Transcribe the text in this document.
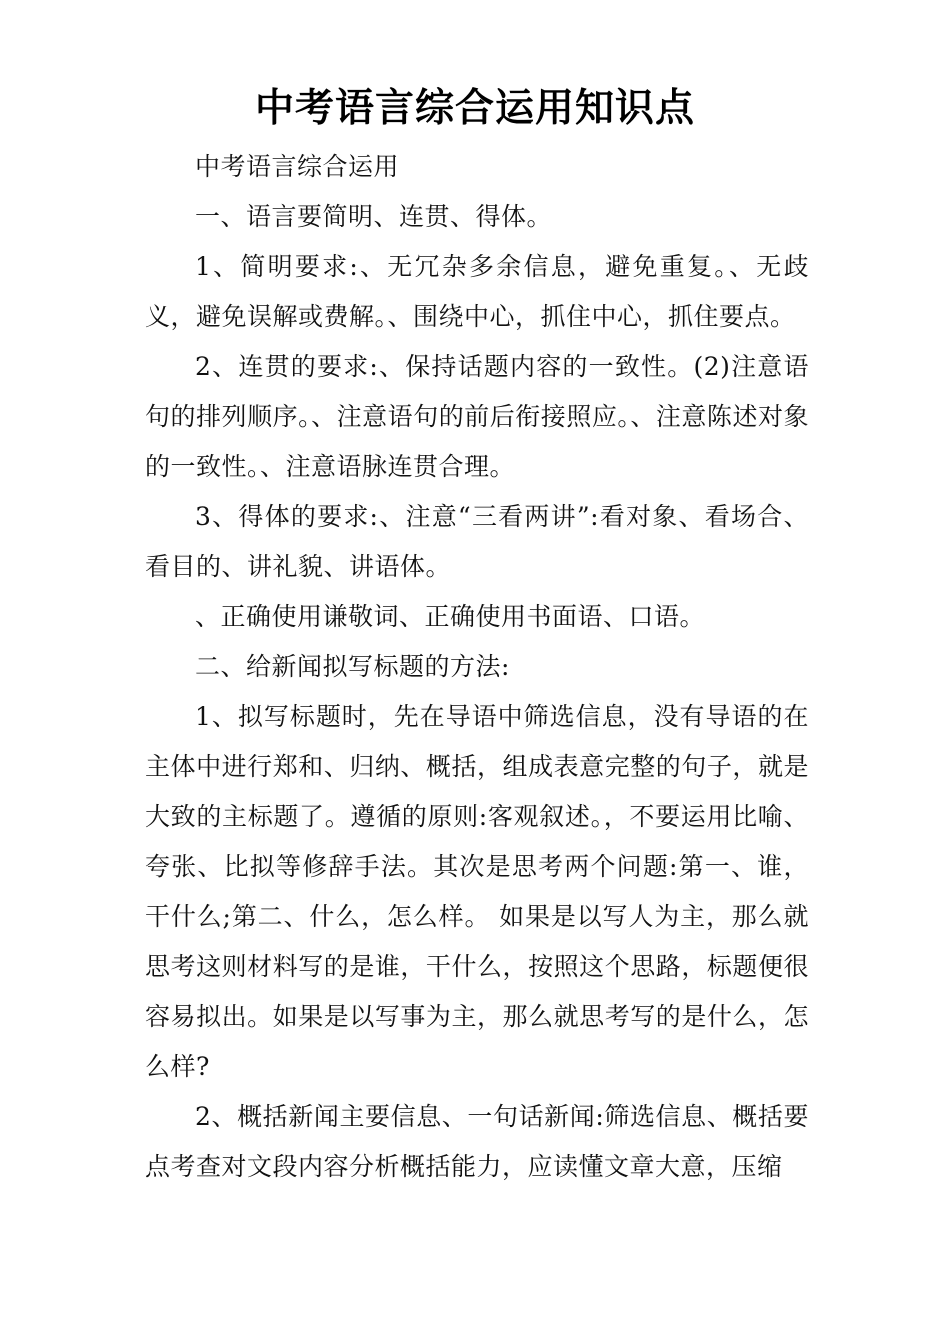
中考语言综合运用知识点

中考语言综合运用

一、语言要简明、连贯、得体。

1、简明要求:、无冗杂多余信息，避免重复。、无歧义，避免误解或费解。、围绕中心，抓住中心，抓住要点。

2、连贯的要求:、保持话题内容的一致性。(2)注意语句的排列顺序。、注意语句的前后衔接照应。、注意陈述对象的一致性。、注意语脉连贯合理。

3、得体的要求:、注意“三看两讲”:看对象、看场合、看目的、讲礼貌、讲语体。

、正确使用谦敬词、正确使用书面语、口语。

二、给新闻拟写标题的方法:

1、拟写标题时，先在导语中筛选信息，没有导语的在主体中进行郑和、归纳、概括，组成表意完整的句子，就是大致的主标题了。遵循的原则:客观叙述。，不要运用比喻、夸张、比拟等修辞手法。其次是思考两个问题:第一、谁，干什么;第二、什么，怎么样。 如果是以写人为主，那么就思考这则材料写的是谁，干什么，按照这个思路，标题便很容易拟出。如果是以写事为主，那么就思考写的是什么，怎么样?

2、概括新闻主要信息、一句话新闻:筛选信息、概括要点考查对文段内容分析概括能力，应读懂文章大意，压缩
